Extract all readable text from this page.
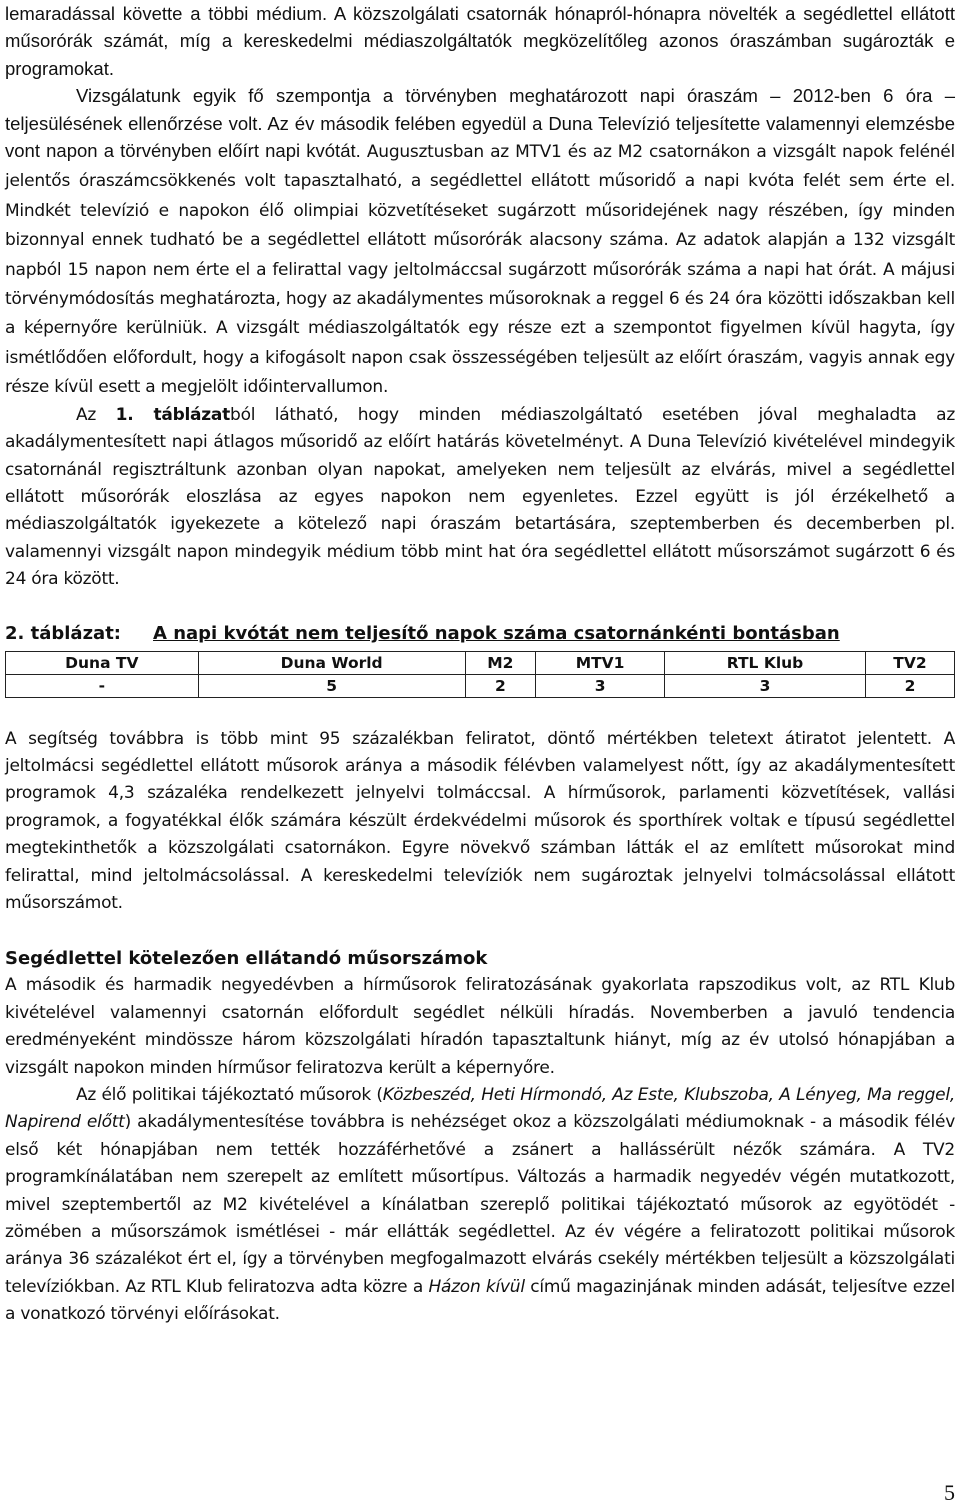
lemaradással követte a többi médium. A közszolgálati csatornák hónapról-hónapra növelték a segédlettel ellátott műsorórák számát, míg a kereskedelmi médiaszolgáltatók megközelítőleg azonos óraszámban sugározták e programokat.

Vizsgálatunk egyik fő szempontja a törvényben meghatározott napi óraszám – 2012-ben 6 óra – teljesülésének ellenőrzése volt. Az év második felében egyedül a Duna Televízió teljesítette valamennyi elemzésbe vont napon a törvényben előírt napi kvótát. Augusztusban az MTV1 és az M2 csatornákon a vizsgált napok felénél jelentős óraszámcsökkenés volt tapasztalható, a segédlettel ellátott műsoridő a napi kvóta felét sem érte el. Mindkét televízió e napokon élő olimpiai közvetítéseket sugárzott műsoridejének nagy részében, így minden bizonnyal ennek tudható be a segédlettel ellátott műsorórák alacsony száma. Az adatok alapján a 132 vizsgált napból 15 napon nem érte el a felirattal vagy jeltolmáccsal sugárzott műsorórák száma a napi hat órát. A májusi törvénymódosítás meghatározta, hogy az akadálymentes műsoroknak a reggel 6 és 24 óra közötti időszakban kell a képernyőre kerülniük. A vizsgált médiaszolgáltatók egy része ezt a szempontot figyelmen kívül hagyta, így ismétlődően előfordult, hogy a kifogásolt napon csak összességében teljesült az előírt óraszám, vagyis annak egy része kívül esett a megjelölt időintervallumon.

Az 1. táblázatból látható, hogy minden médiaszolgáltató esetében jóval meghaladta az akadálymentesített napi átlagos műsoridő az előírt határás követelményt. A Duna Televízió kivételével mindegyik csatornánál regisztráltunk azonban olyan napokat, amelyeken nem teljesült az elvárás, mivel a segédlettel ellátott műsorórák eloszlása az egyes napokon nem egyenletes. Ezzel együtt is jól érzékelhető a médiaszolgáltatók igyekezete a kötelező napi óraszám betartására, szeptemberben és decemberben pl. valamennyi vizsgált napon mindegyik médium több mint hat óra segédlettel ellátott műsorszámot sugárzott 6 és 24 óra között.

2. táblázat:	A napi kvótát nem teljesítő napok száma csatornánkénti bontásban
Duna TV	Duna World	M2	MTV1	RTL Klub	TV2
-	5	2	3	3	2

A segítség továbbra is több mint 95 százalékban feliratot, döntő mértékben teletext átiratot jelentett. A jeltolmácsi segédlettel ellátott műsorok aránya a második félévben valamelyest nőtt, így az akadálymentesített programok 4,3 százaléka rendelkezett jelnyelvi tolmáccsal. A hírműsorok, parlamenti közvetítések, vallási programok, a fogyatékkal élők számára készült érdekvédelmi műsorok és sporthírek voltak e típusú segédlettel megtekinthetők a közszolgálati csatornákon. Egyre növekvő számban látták el az említett műsorokat mind felirattal, mind jeltolmácsolással. A kereskedelmi televíziók nem sugároztak jelnyelvi tolmácsolással ellátott műsorszámot.

Segédlettel kötelezően ellátandó műsorszámok

A második és harmadik negyedévben a hírműsorok feliratozásának gyakorlata rapszodikus volt, az RTL Klub kivételével valamennyi csatornán előfordult segédlet nélküli híradás. Novemberben a javuló tendencia eredményeként mindössze három közszolgálati híradón tapasztaltunk hiányt, míg az év utolsó hónapjában a vizsgált napokon minden hírműsor feliratozva került a képernyőre.

Az élő politikai tájékoztató műsorok (Közbeszéd, Heti Hírmondó, Az Este, Klubszoba, A Lényeg, Ma reggel, Napirend előtt) akadálymentesítése továbbra is nehézséget okoz a közszolgálati médiumoknak - a második félév első két hónapjában nem tették hozzáférhetővé a zsánert a hallássérült nézők számára. A TV2 programkínálatában nem szerepelt az említett műsortípus. Változás a harmadik negyedév végén mutatkozott, mivel szeptembertől az M2 kivételével a kínálatban szereplő politikai tájékoztató műsorok az egyötödét - zömében a műsorszámok ismétlései - már ellátták segédlettel. Az év végére a feliratozott politikai műsorok aránya 36 százalékot ért el, így a törvényben megfogalmazott elvárás csekély mértékben teljesült a közszolgálati televíziókban. Az RTL Klub feliratozva adta közre a Házon kívül című magazinjának minden adását, teljesítve ezzel a vonatkozó törvényi előírásokat.

5
